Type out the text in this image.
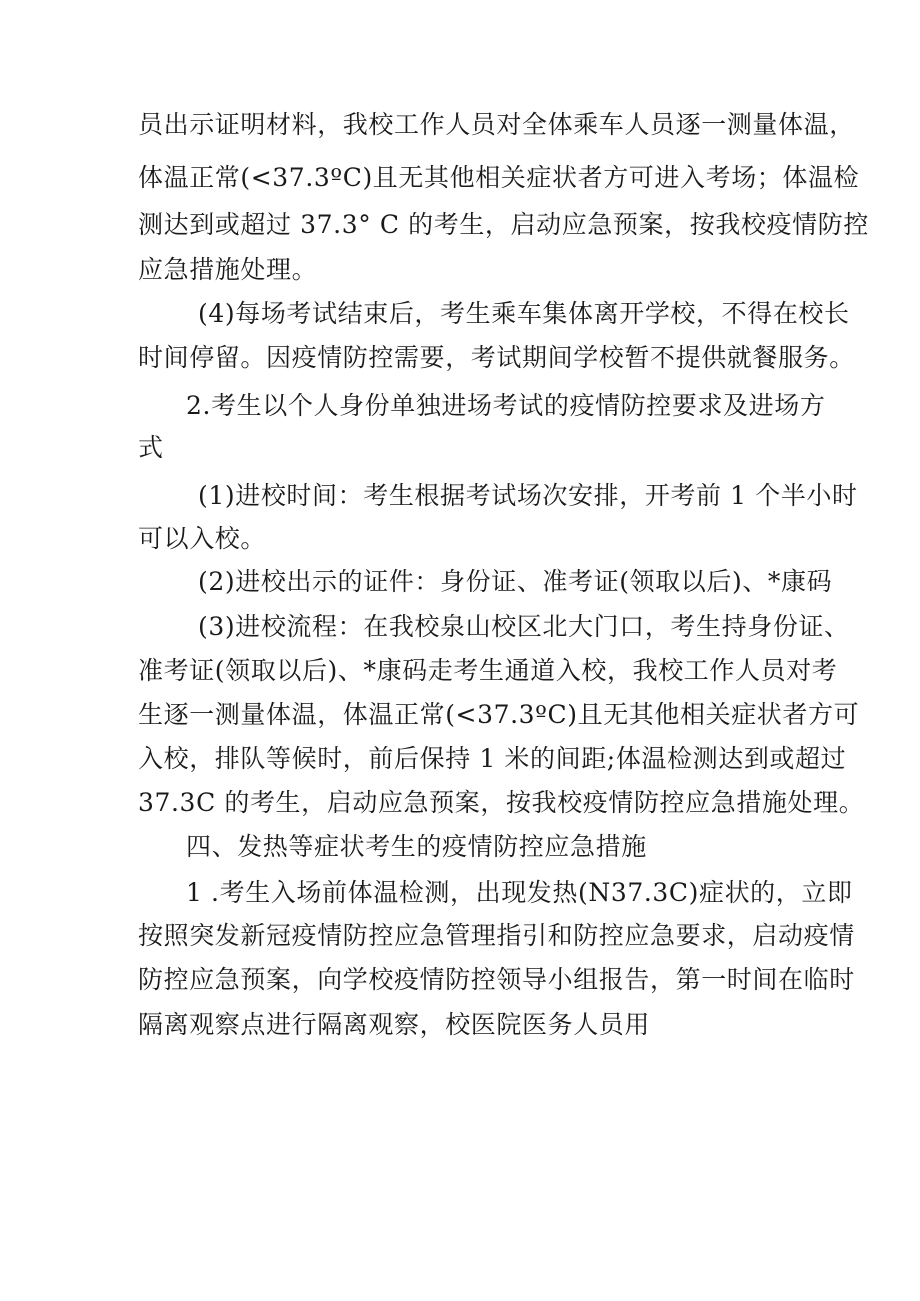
员出示证明材料，我校工作人员对全体乘车人员逐一测量体温，
体温正常(<37.3ºC)且无其他相关症状者方可进入考场；体温检
测达到或超过 37.3° C 的考生，启动应急预案，按我校疫情防控
应急措施处理。
(4)每场考试结束后，考生乘车集体离开学校，不得在校长
时间停留。因疫情防控需要，考试期间学校暂不提供就餐服务。
2.考生以个人身份单独进场考试的疫情防控要求及进场方
式
(1)进校时间：考生根据考试场次安排，开考前 1 个半小时
可以入校。
(2)进校出示的证件：身份证、准考证(领取以后)、*康码
(3)进校流程：在我校泉山校区北大门口，考生持身份证、
准考证(领取以后)、*康码走考生通道入校，我校工作人员对考
生逐一测量体温，体温正常(<37.3ºC)且无其他相关症状者方可
入校，排队等候时，前后保持 1 米的间距;体温检测达到或超过
37.3C 的考生，启动应急预案，按我校疫情防控应急措施处理。
四、发热等症状考生的疫情防控应急措施
1 .考生入场前体温检测，出现发热(N37.3C)症状的，立即
按照突发新冠疫情防控应急管理指引和防控应急要求，启动疫情
防控应急预案，向学校疫情防控领导小组报告，第一时间在临时
隔离观察点进行隔离观察，校医院医务人员用
